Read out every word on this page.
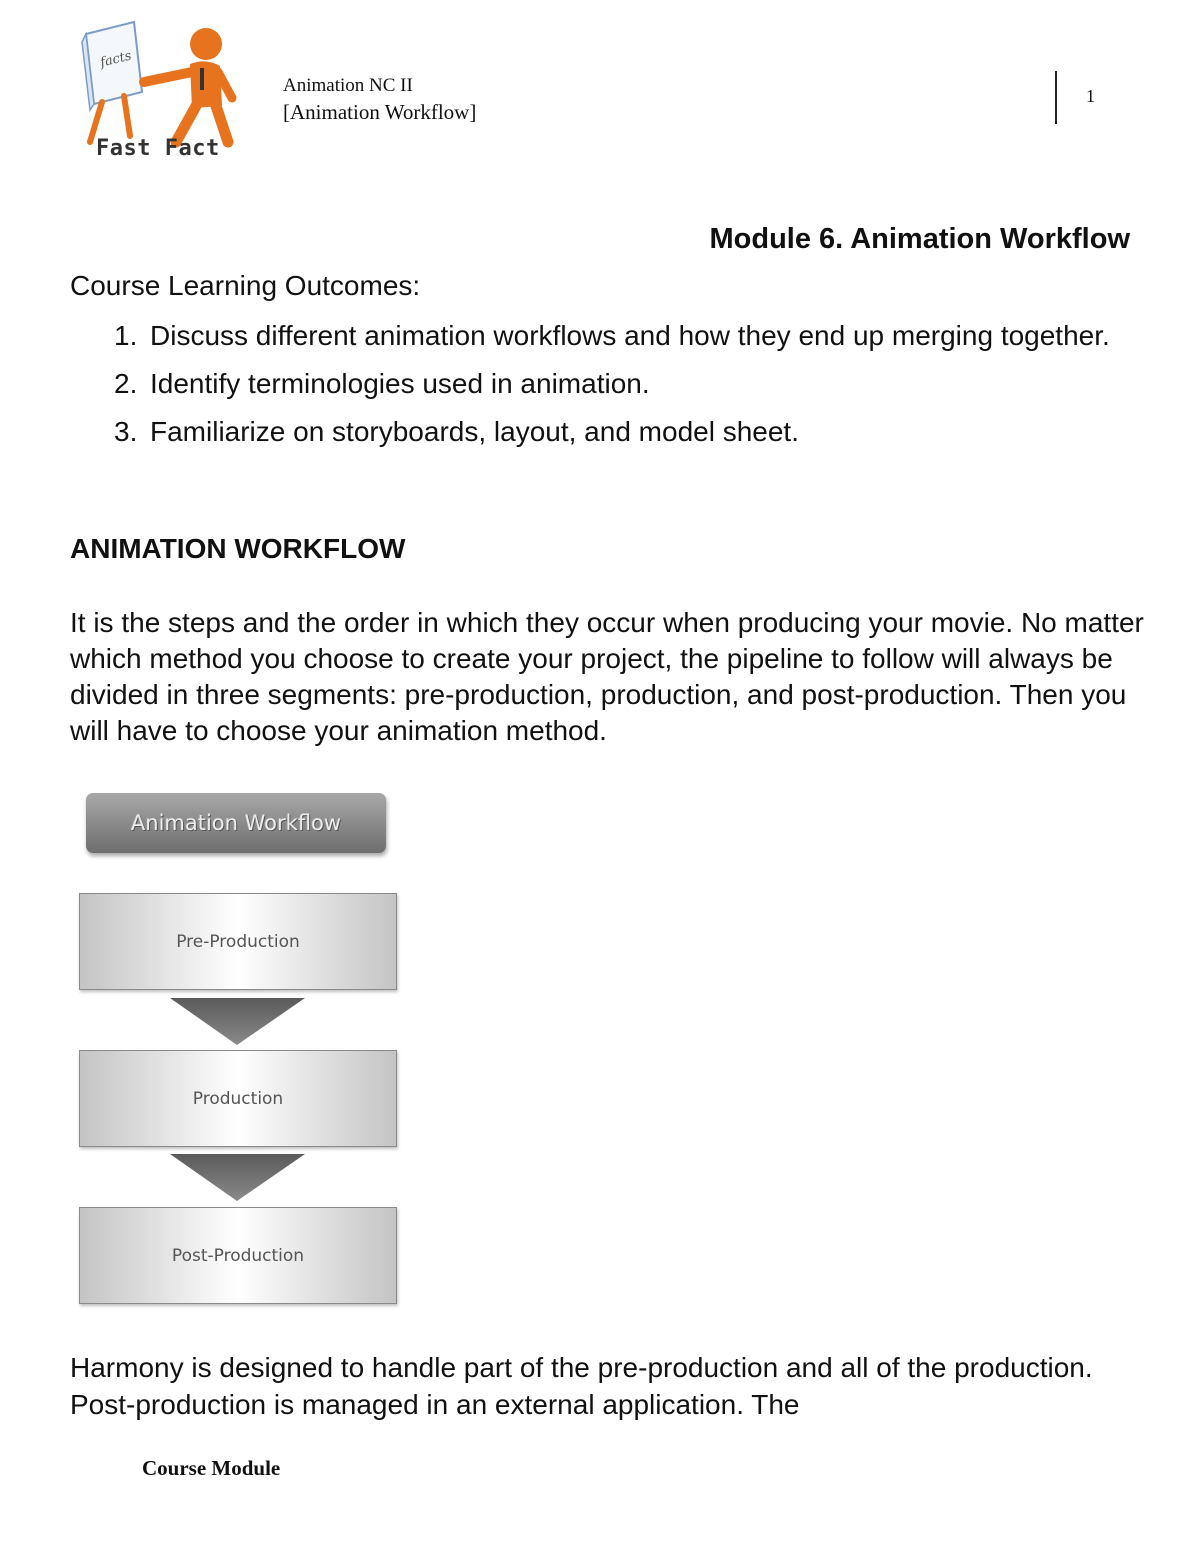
facts
Fast Fact
Animation NC II
[Animation Workflow]
1
Module 6. Animation Workflow
Course Learning Outcomes:
1. Discuss different animation workflows and how they end up merging together.
2. Identify terminologies used in animation.
3. Familiarize on storyboards, layout, and model sheet.
ANIMATION WORKFLOW
It is the steps and the order in which they occur when producing your movie. No matter which method you choose to create your project, the pipeline to follow will always be divided in three segments: pre-production, production, and post-production. Then you will have to choose your animation method.
Animation Workflow
Pre-Production
Production
Post-Production
Harmony is designed to handle part of the pre-production and all of the production. Post-production is managed in an external application. The
Course Module
